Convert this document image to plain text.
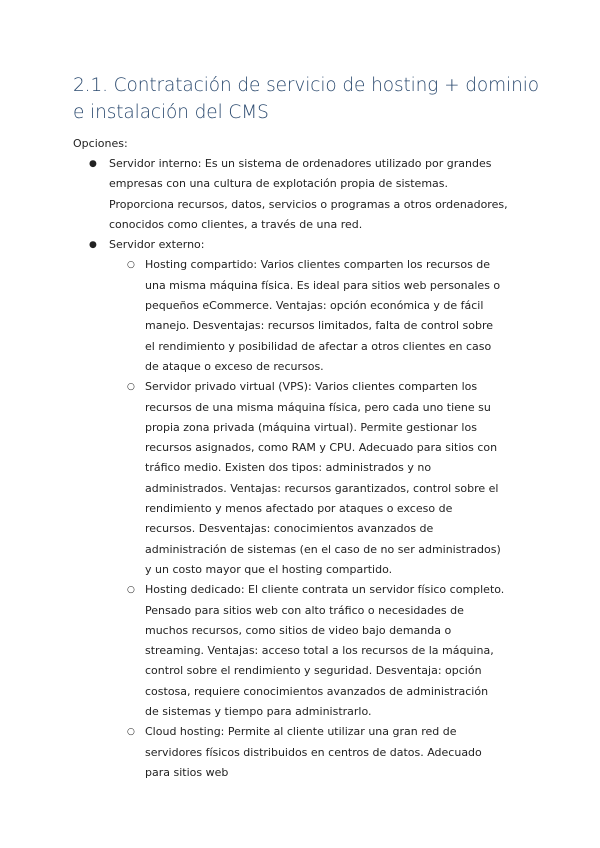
2.1. Contratación de servicio de hosting + dominio e instalación del CMS

Opciones:

● Servidor interno: Es un sistema de ordenadores utilizado por grandes empresas con una cultura de explotación propia de sistemas. Proporciona recursos, datos, servicios o programas a otros ordenadores, conocidos como clientes, a través de una red.
● Servidor externo:
○ Hosting compartido: Varios clientes comparten los recursos de una misma máquina física. Es ideal para sitios web personales o pequeños eCommerce. Ventajas: opción económica y de fácil manejo. Desventajas: recursos limitados, falta de control sobre el rendimiento y posibilidad de afectar a otros clientes en caso de ataque o exceso de recursos.
○ Servidor privado virtual (VPS): Varios clientes comparten los recursos de una misma máquina física, pero cada uno tiene su propia zona privada (máquina virtual). Permite gestionar los recursos asignados, como RAM y CPU. Adecuado para sitios con tráfico medio. Existen dos tipos: administrados y no administrados. Ventajas: recursos garantizados, control sobre el rendimiento y menos afectado por ataques o exceso de recursos. Desventajas: conocimientos avanzados de administración de sistemas (en el caso de no ser administrados) y un costo mayor que el hosting compartido.
○ Hosting dedicado: El cliente contrata un servidor físico completo. Pensado para sitios web con alto tráfico o necesidades de muchos recursos, como sitios de video bajo demanda o streaming. Ventajas: acceso total a los recursos de la máquina, control sobre el rendimiento y seguridad. Desventaja: opción costosa, requiere conocimientos avanzados de administración de sistemas y tiempo para administrarlo.
○ Cloud hosting: Permite al cliente utilizar una gran red de servidores físicos distribuidos en centros de datos. Adecuado para sitios web
